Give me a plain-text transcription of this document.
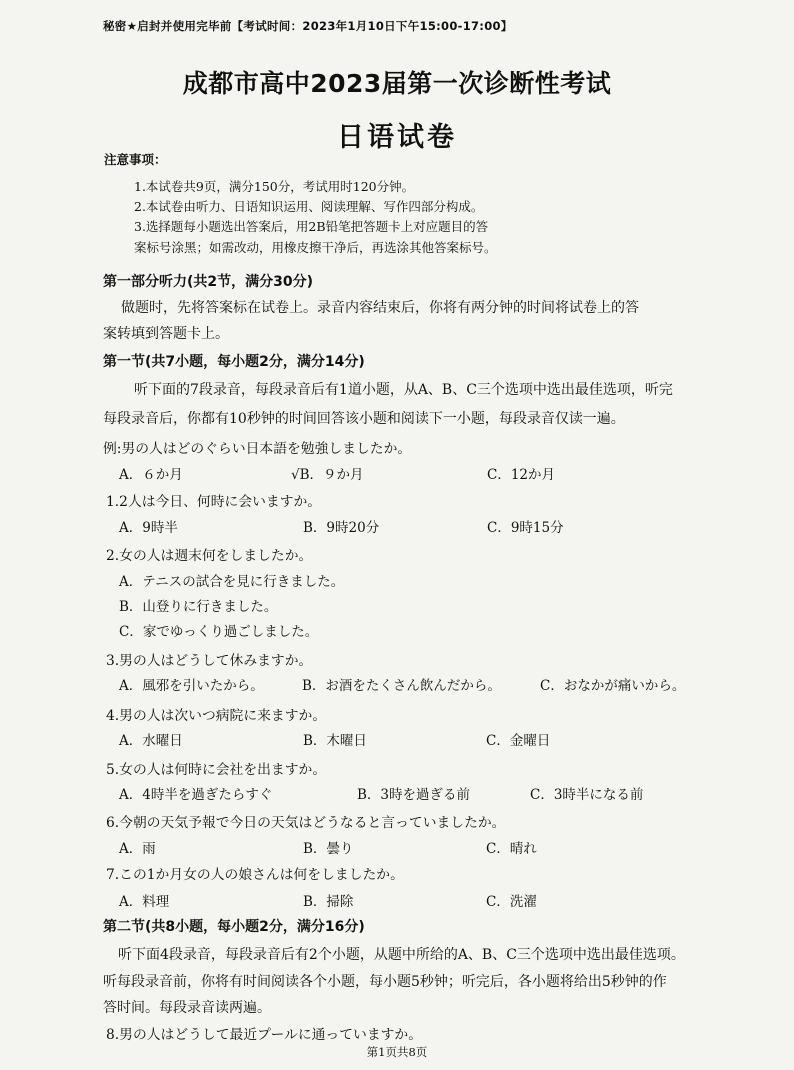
秘密★启封并使用完毕前【考试时间：2023年1月10日下午15:00-17:00】
成都市高中2023届第一次诊断性考试
日语试卷
注意事项：
1.本试卷共9页，满分150分，考试用时120分钟。
2.本试卷由听力、日语知识运用、阅读理解、写作四部分构成。
3.选择题每小题选出答案后，用2B铅笔把答题卡上对应题目的答
案标号涂黑；如需改动，用橡皮擦干净后，再选涂其他答案标号。
第一部分听力(共2节，满分30分)
做题时，先将答案标在试卷上。录音内容结束后，你将有两分钟的时间将试卷上的答
案转填到答题卡上。
第一节(共7小题，每小题2分，满分14分)
听下面的7段录音，每段录音后有1道小题，从A、B、C三个选项中选出最佳选项，听完
每段录音后，你都有10秒钟的时间回答该小题和阅读下一小题，每段录音仅读一遍。
例:男の人はどのぐらい日本語を勉強しましたか。
A．６か月	√B．９か月	C．12か月
1.2人は今日、何時に会いますか。
A．9時半	B．9時20分	C．9時15分
2.女の人は週末何をしましたか。
A．テニスの試合を見に行きました。
B．山登りに行きました。
C．家でゆっくり過ごしました。
3.男の人はどうして休みますか。
A．風邪を引いたから。	B．お酒をたくさん飲んだから。	C．おなかが痛いから。
4.男の人は次いつ病院に来ますか。
A．水曜日	B．木曜日	C．金曜日
5.女の人は何時に会社を出ますか。
A．4時半を過ぎたらすぐ	B．3時を過ぎる前	C．3時半になる前
6.今朝の天気予報で今日の天気はどうなると言っていましたか。
A．雨	B．曇り	C．晴れ
7.この1か月女の人の娘さんは何をしましたか。
A．料理	B．掃除	C．洗濯
第二节(共8小题，每小题2分，满分16分)
听下面4段录音，每段录音后有2个小题，从题中所给的A、B、C三个选项中选出最佳选项。
听每段录音前，你将有时间阅读各个小题，每小题5秒钟；听完后，各小题将给出5秒钟的作
答时间。每段录音读两遍。
8.男の人はどうして最近プールに通っていますか。
第1页共8页
